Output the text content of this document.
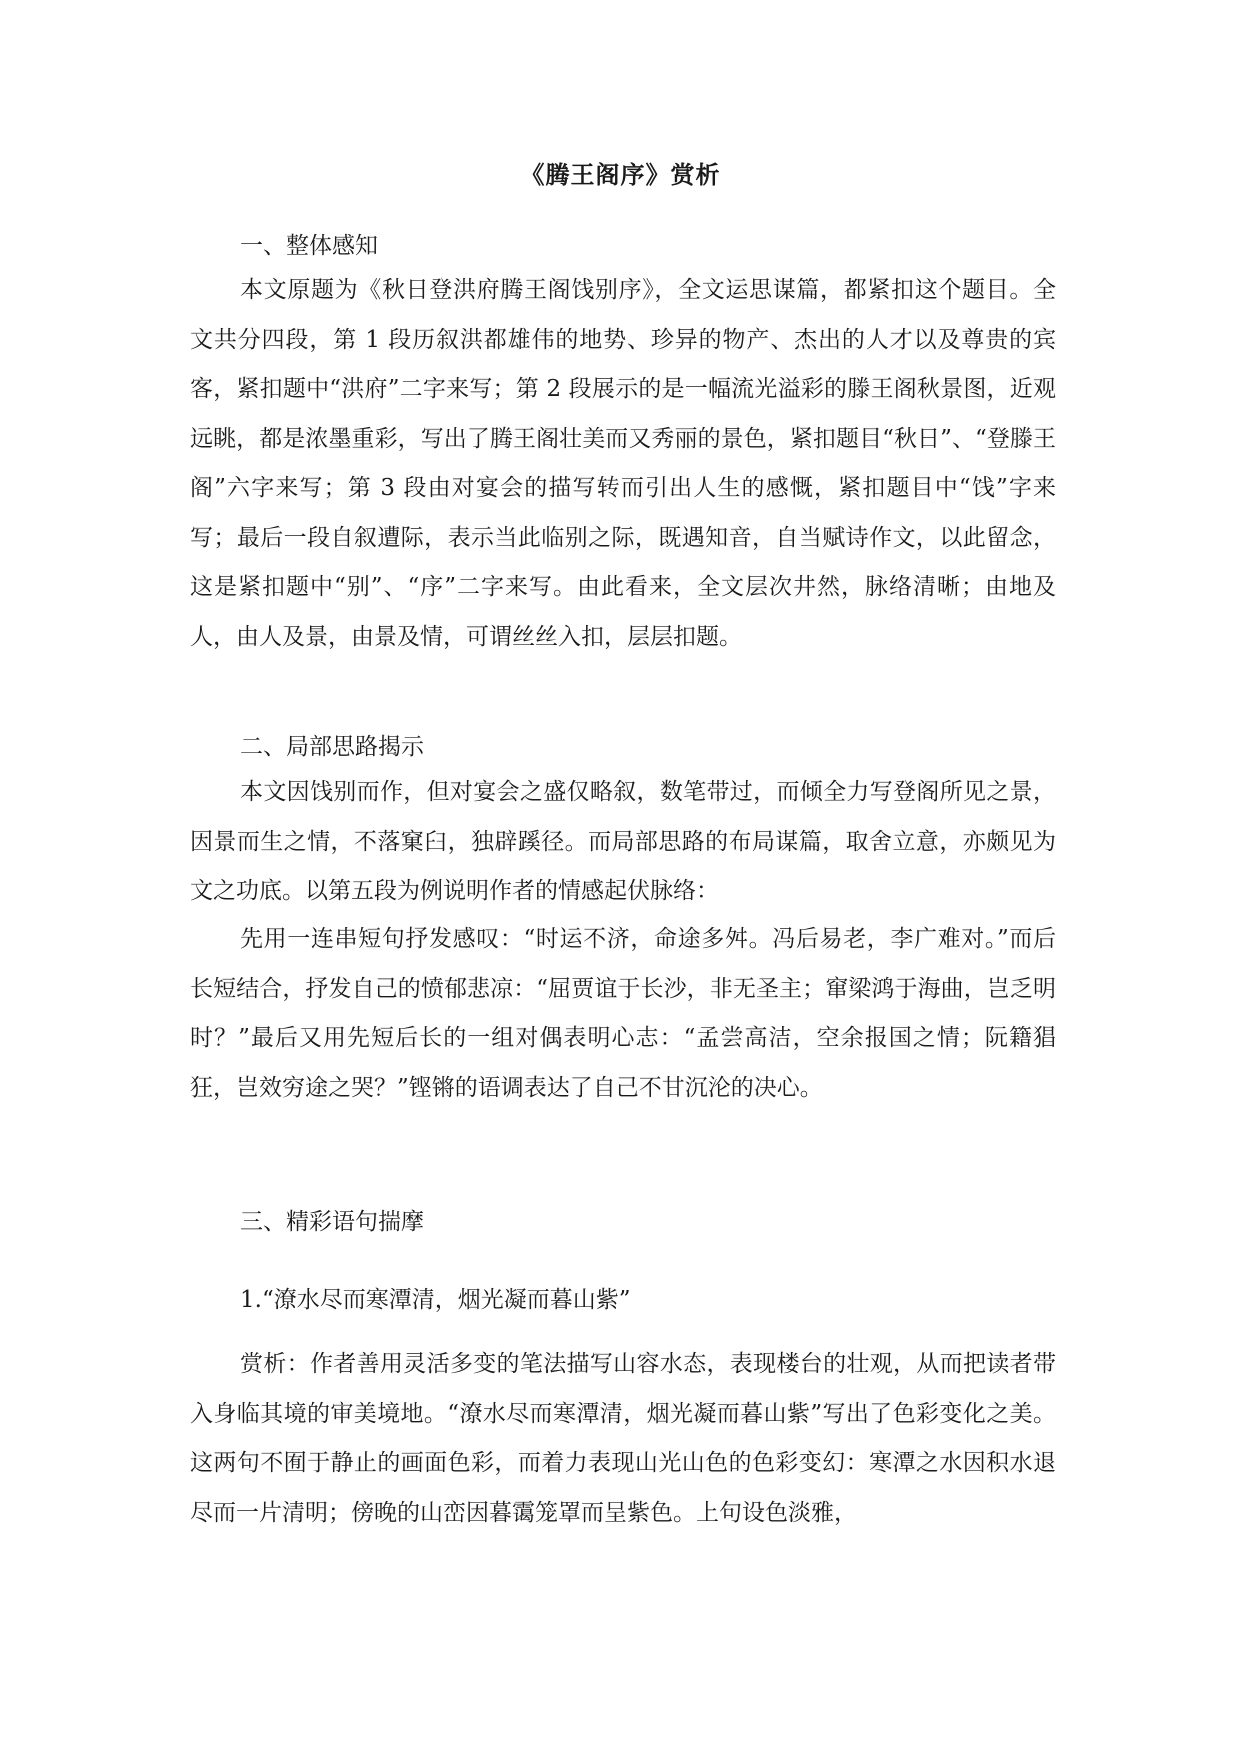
《腾王阁序》赏析
一、整体感知

本文原题为《秋日登洪府腾王阁饯别序》，全文运思谋篇，都紧扣这个题目。全文共分四段，第 1 段历叙洪都雄伟的地势、珍异的物产、杰出的人才以及尊贵的宾客，紧扣题中“洪府”二字来写；第 2 段展示的是一幅流光溢彩的滕王阁秋景图，近观远眺，都是浓墨重彩，写出了腾王阁壮美而又秀丽的景色，紧扣题目“秋日”、“登滕王阁”六字来写；第 3 段由对宴会的描写转而引出人生的感慨，紧扣题目中“饯”字来写；最后一段自叙遭际，表示当此临别之际，既遇知音，自当赋诗作文，以此留念，这是紧扣题中“别”、“序”二字来写。由此看来，全文层次井然，脉络清晰；由地及人，由人及景，由景及情，可谓丝丝入扣，层层扣题。

二、局部思路揭示

本文因饯别而作，但对宴会之盛仅略叙，数笔带过，而倾全力写登阁所见之景，因景而生之情，不落窠臼，独辟蹊径。而局部思路的布局谋篇，取舍立意，亦颇见为文之功底。以第五段为例说明作者的情感起伏脉络：

先用一连串短句抒发感叹：“时运不济，命途多舛。冯后易老，李广难对。”而后长短结合，抒发自己的愤郁悲凉：“屈贾谊于长沙，非无圣主；窜梁鸿于海曲，岂乏明时？”最后又用先短后长的一组对偶表明心志：“孟尝高洁，空余报国之情；阮籍猖狂，岂效穷途之哭？”铿锵的语调表达了自己不甘沉沦的决心。

三、精彩语句揣摩
1.“潦水尽而寒潭清，烟光凝而暮山紫”

赏析：作者善用灵活多变的笔法描写山容水态，表现楼台的壮观，从而把读者带入身临其境的审美境地。“潦水尽而寒潭清，烟光凝而暮山紫”写出了色彩变化之美。这两句不囿于静止的画面色彩，而着力表现山光山色的色彩变幻：寒潭之水因积水退尽而一片清明；傍晚的山峦因暮霭笼罩而呈紫色。上句设色淡雅，
